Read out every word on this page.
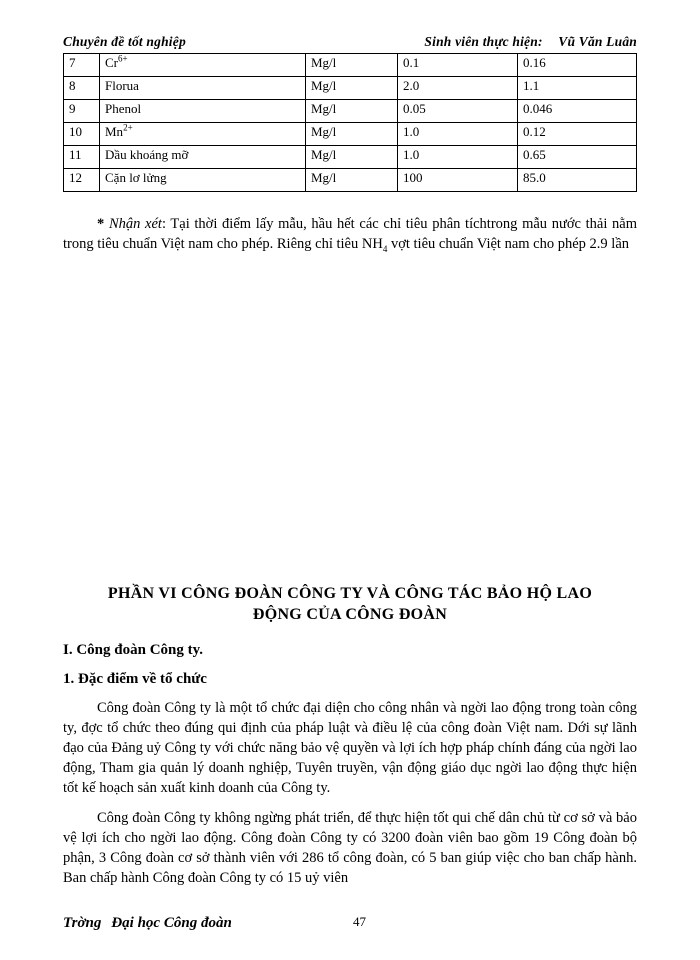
Chuyên đề tốt nghiệp	Sinh viên thực hiện: Vũ Văn Luân
7	$Cr^{6+}$	Mg/l	0.1	0.16
8	Florua	Mg/l	2.0	1.1
9	Phenol	Mg/l	0.05	0.046
10	$Mn^{2+}$	Mg/l	1.0	0.12
11	Dầu khoáng mỡ	Mg/l	1.0	0.65
12	Cặn lơ lửng	Mg/l	100	85.0

* Nhận xét: Tại thời điểm lấy mẫu, hầu hết các chỉ tiêu phân tíchtrong mẫu nước thải nằm trong tiêu chuẩn Việt nam cho phép. Riêng chỉ tiêu $NH_4$ vợt tiêu chuẩn Việt nam cho phép 2.9 lần

PHẦN VI CÔNG ĐOÀN CÔNG TY VÀ CÔNG TÁC BẢO HỘ LAO

ĐỘNG CỦA CÔNG ĐOÀN

I. Công đoàn Công ty.

1. Đặc điểm về tổ chức

Công đoàn Công ty là một tổ chức đại diện cho công nhân và ngời lao động trong toàn công ty, đợc tổ chức theo đúng qui định của pháp luật và điều lệ của công đoàn Việt nam. Dới sự lãnh đạo của Đảng uỷ Công ty với chức năng bảo vệ quyền và lợi ích hợp pháp chính đáng của ngời lao động, Tham gia quản lý doanh nghiệp, Tuyên truyền, vận động giáo dục ngời lao động thực hiện tốt kế hoạch sản xuất kinh doanh của Công ty.

Công đoàn Công ty không ngừng phát triển, để thực hiện tốt qui chế dân chủ từ cơ sở và bảo vệ lợi ích cho ngời lao động. Công đoàn Công ty có 3200 đoàn viên bao gồm 19 Công đoàn bộ phận, 3 Công đoàn cơ sở thành viên với 286 tổ công đoàn, có 5 ban giúp việc cho ban chấp hành. Ban chấp hành Công đoàn Công ty có 15 uỷ viên

Trờng Đại học Công đoàn	47
